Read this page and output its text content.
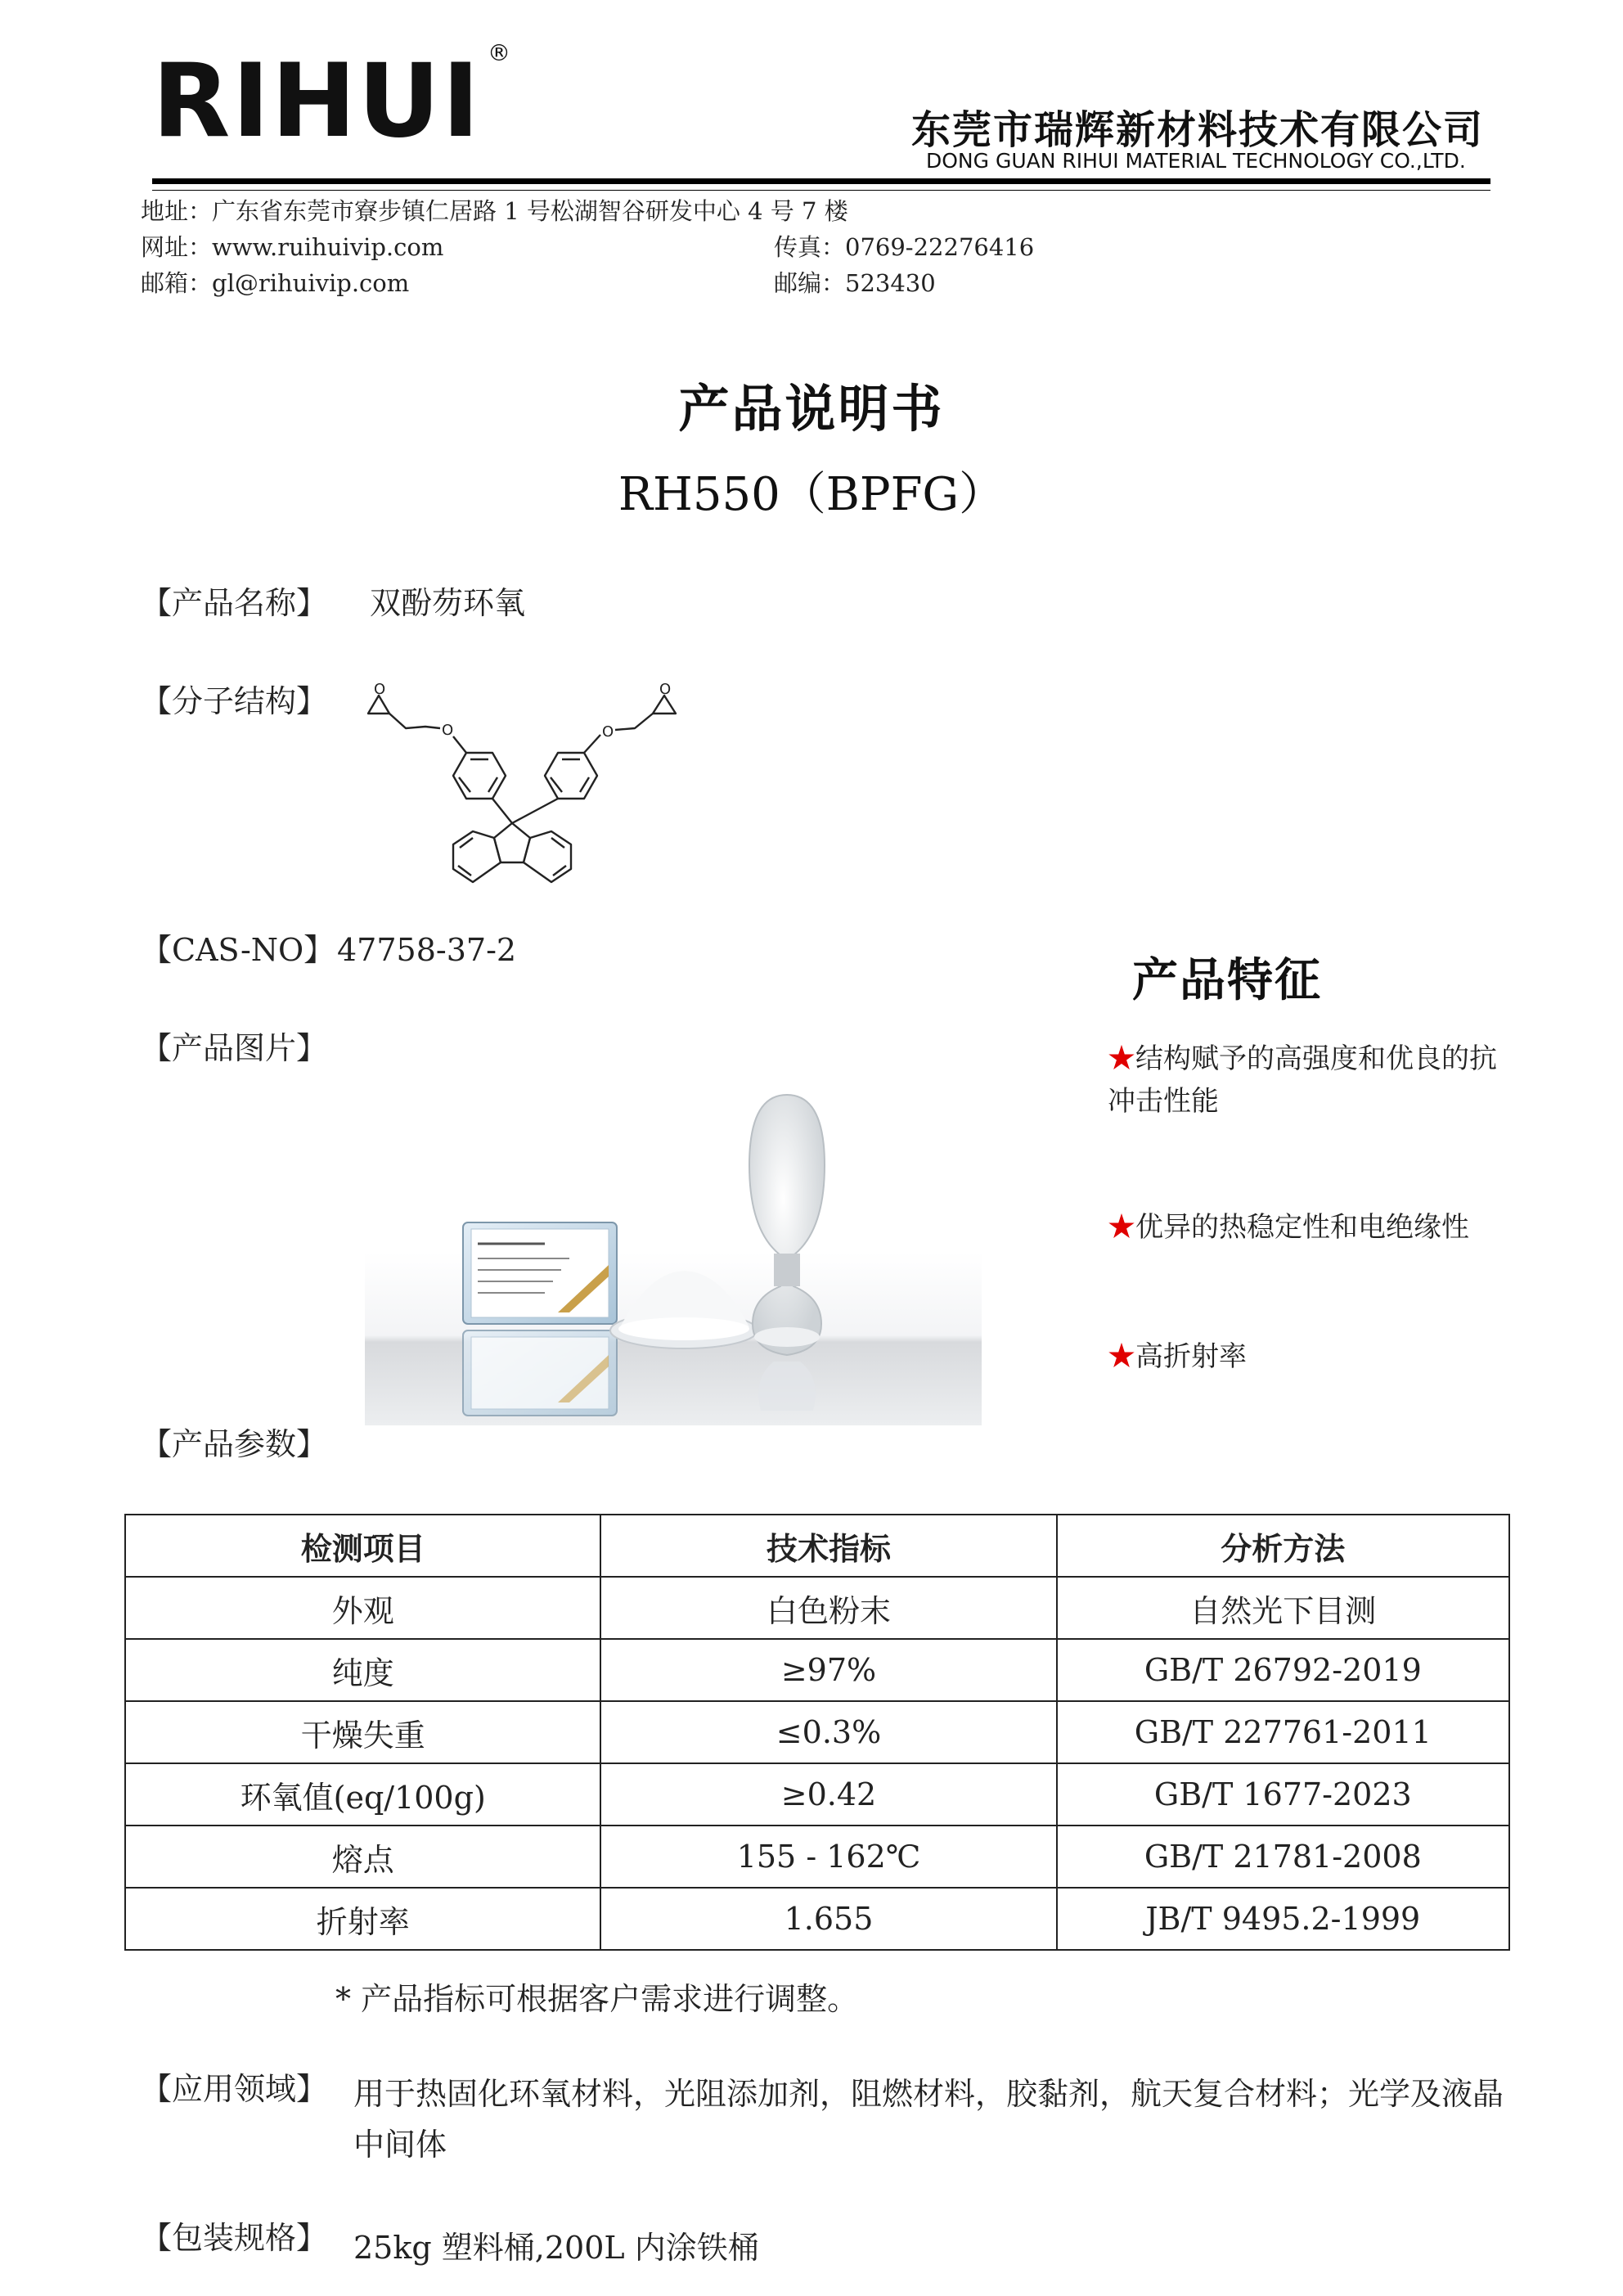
RIHUI ®
东莞市瑞辉新材料技术有限公司
DONG GUAN RIHUI MATERIAL TECHNOLOGY CO.,LTD.
地址：广东省东莞市寮步镇仁居路 1 号松湖智谷研发中心 4 号 7 楼
网址：www.ruihuivip.com	传真：0769-22276416
邮箱：gl@rihuivip.com	邮编：523430
产品说明书
RH550（BPFG）
【产品名称】 双酚芴环氧
【分子结构】	O
O	O
O
【CAS-NO】 47758-37-2
【产品图片】
产品特征
★结构赋予的高强度和优良的抗冲击性能
★优异的热稳定性和电绝缘性
★高折射率
【产品参数】
检测项目	技术指标	分析方法
外观	白色粉末	自然光下目测
纯度	≥97%	GB/T 26792-2019
干燥失重	≤0.3%	GB/T 227761-2011
环氧值(eq/100g)	≥0.42	GB/T 1677-2023
熔点	155 - 162℃	GB/T 21781-2008
折射率	1.655	JB/T 9495.2-1999
* 产品指标可根据客户需求进行调整。
【应用领域】 用于热固化环氧材料，光阻添加剂，阻燃材料，胶黏剂，航天复合材料；光学及液晶中间体
【包装规格】 25kg 塑料桶,200L 内涂铁桶
